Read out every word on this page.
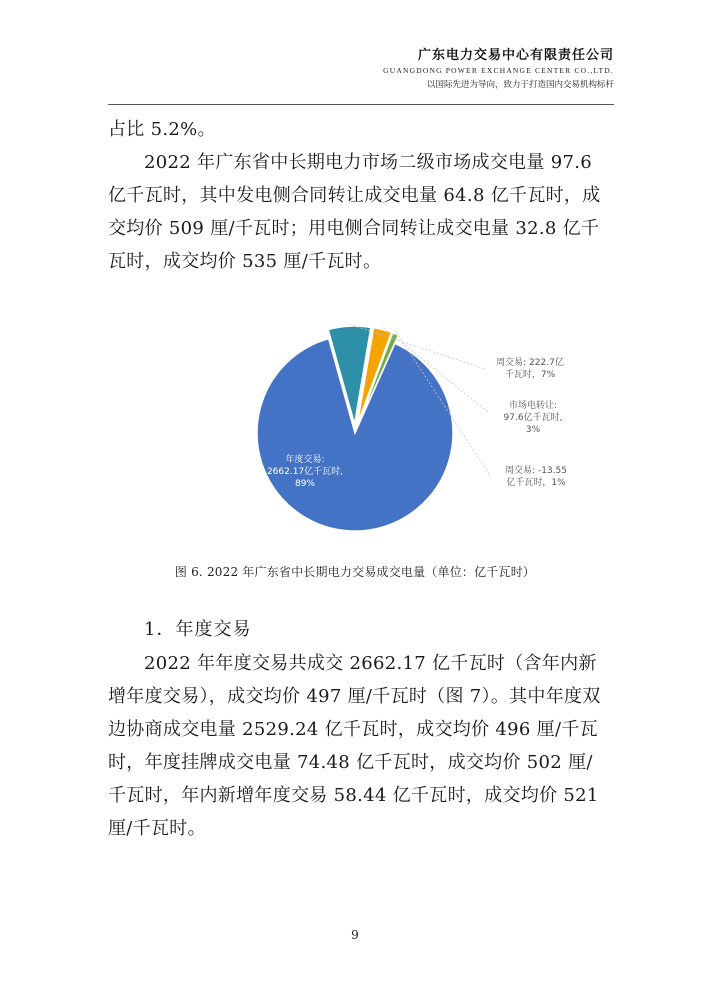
广东电力交易中心有限责任公司
GUANGDONG POWER EXCHANGE CENTER CO.,LTD.
以国际先进为导向，致力于打造国内交易机构标杆

占比 5.2%。

2022 年广东省中长期电力市场二级市场成交电量 97.6 亿千瓦时，其中发电侧合同转让成交电量 64.8 亿千瓦时，成交均价 509 厘/千瓦时；用电侧合同转让成交电量 32.8 亿千瓦时，成交均价 535 厘/千瓦时。

年度交易: 2662.17亿千瓦时, 89%
周交易: 222.7亿千瓦时，7%
市场电转让: 97.6亿千瓦时, 3%
周交易: -13.55 亿千瓦时，1%
图 6. 2022 年广东省中长期电力交易成交电量（单位：亿千瓦时）
1．年度交易

2022 年年度交易共成交 2662.17 亿千瓦时（含年内新增年度交易），成交均价 497 厘/千瓦时（图 7）。其中年度双边协商成交电量 2529.24 亿千瓦时，成交均价 496 厘/千瓦时，年度挂牌成交电量 74.48 亿千瓦时，成交均价 502 厘/千瓦时，年内新增年度交易 58.44 亿千瓦时，成交均价 521 厘/千瓦时。

9
